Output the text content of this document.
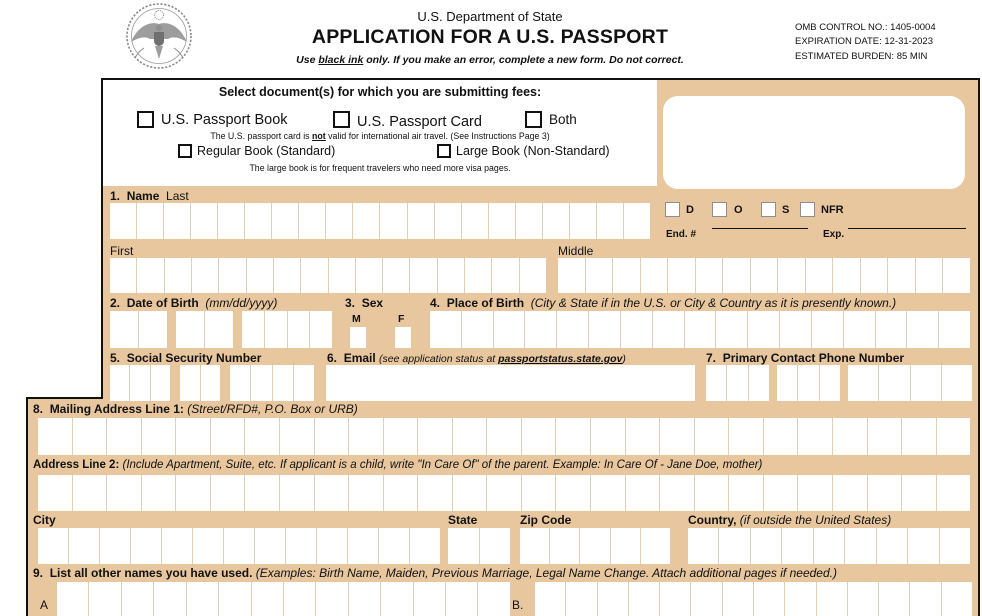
U.S. Department of State
APPLICATION FOR A U.S. PASSPORT
Use black ink only. If you make an error, complete a new form. Do not correct.
OMB CONTROL NO.: 1405-0004
EXPIRATION DATE: 12-31-2023
ESTIMATED BURDEN: 85 MIN
Select document(s) for which you are submitting fees:
U.S. Passport Book	U.S. Passport Card	Both
The U.S. passport card is not valid for international air travel. (See Instructions Page 3)
Regular Book (Standard)	Large Book (Non-Standard)
The large book is for frequent travelers who need more visa pages.
D	O	S	NFR
End. #	Exp.
1. Name Last
First	Middle
2. Date of Birth (mm/dd/yyyy)	3. Sex
M	F
4. Place of Birth (City & State if in the U.S. or City & Country as it is presently known.)
5. Social Security Number	6. Email (see application status at passportstatus.state.gov)	7. Primary Contact Phone Number
8. Mailing Address Line 1: (Street/RFD#, P.O. Box or URB)
Address Line 2: (Include Apartment, Suite, etc. If applicant is a child, write "In Care Of" of the parent. Example: In Care Of - Jane Doe, mother)
City	State	Zip Code	Country, (if outside the United States)
9. List all other names you have used. (Examples: Birth Name, Maiden, Previous Marriage, Legal Name Change. Attach additional pages if needed.)
A	B.
